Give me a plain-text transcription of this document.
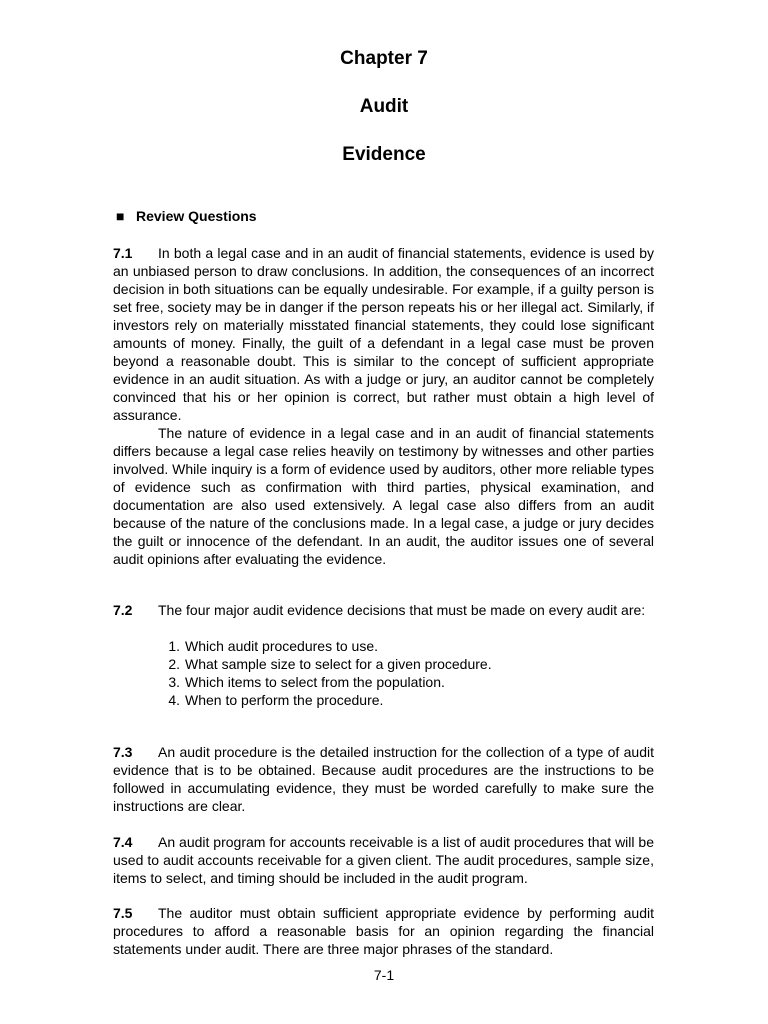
Chapter 7
Audit
Evidence
■ Review Questions

7.1 In both a legal case and in an audit of financial statements, evidence is used by an unbiased person to draw conclusions. In addition, the consequences of an incorrect decision in both situations can be equally undesirable. For example, if a guilty person is set free, society may be in danger if the person repeats his or her illegal act. Similarly, if investors rely on materially misstated financial statements, they could lose significant amounts of money. Finally, the guilt of a defendant in a legal case must be proven beyond a reasonable doubt. This is similar to the concept of sufficient appropriate evidence in an audit situation. As with a judge or jury, an auditor cannot be completely convinced that his or her opinion is correct, but rather must obtain a high level of assurance.

The nature of evidence in a legal case and in an audit of financial statements differs because a legal case relies heavily on testimony by witnesses and other parties involved. While inquiry is a form of evidence used by auditors, other more reliable types of evidence such as confirmation with third parties, physical examination, and documentation are also used extensively. A legal case also differs from an audit because of the nature of the conclusions made. In a legal case, a judge or jury decides the guilt or innocence of the defendant. In an audit, the auditor issues one of several audit opinions after evaluating the evidence.

7.2 The four major audit evidence decisions that must be made on every audit are:

1. Which audit procedures to use.
2. What sample size to select for a given procedure.
3. Which items to select from the population.
4. When to perform the procedure.

7.3 An audit procedure is the detailed instruction for the collection of a type of audit evidence that is to be obtained. Because audit procedures are the instructions to be followed in accumulating evidence, they must be worded carefully to make sure the instructions are clear.

7.4 An audit program for accounts receivable is a list of audit procedures that will be used to audit accounts receivable for a given client. The audit procedures, sample size, items to select, and timing should be included in the audit program.

7.5 The auditor must obtain sufficient appropriate evidence by performing audit procedures to afford a reasonable basis for an opinion regarding the financial statements under audit. There are three major phrases of the standard.

7-1
